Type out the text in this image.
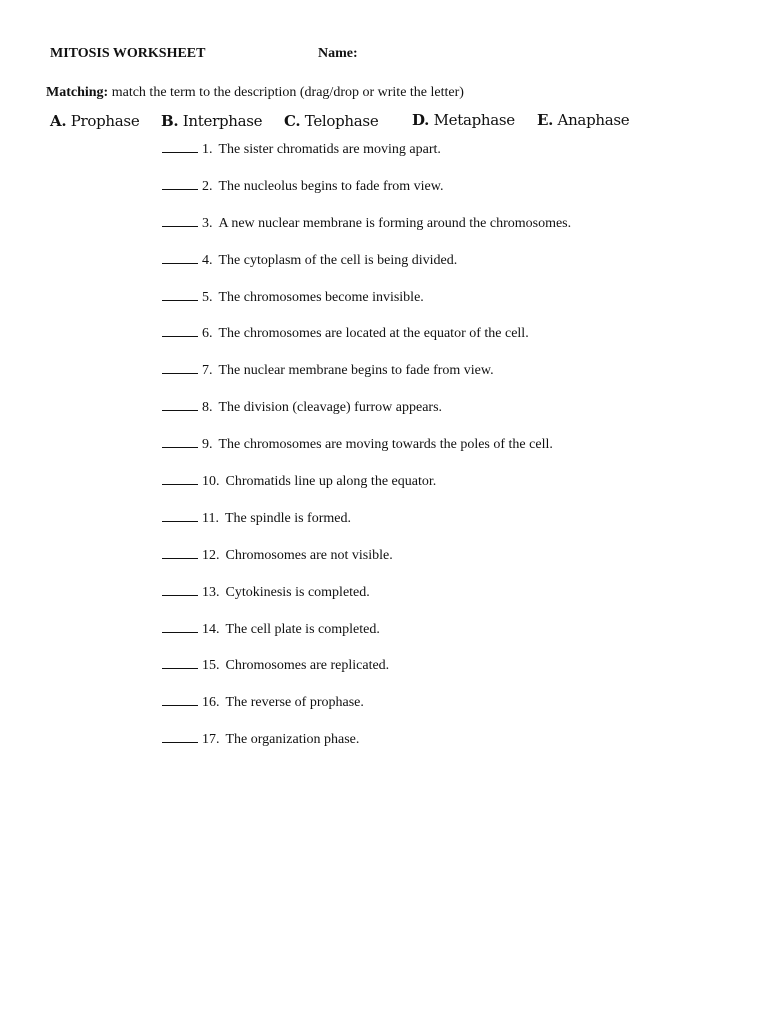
MITOSIS WORKSHEET	Name:
Matching: match the term to the description (drag/drop or write the letter)
A. Prophase B. Interphase C. Telophase D. Metaphase E. Anaphase
1. The sister chromatids are moving apart.
2. The nucleolus begins to fade from view.
3. A new nuclear membrane is forming around the chromosomes.
4. The cytoplasm of the cell is being divided.
5. The chromosomes become invisible.
6. The chromosomes are located at the equator of the cell.
7. The nuclear membrane begins to fade from view.
8. The division (cleavage) furrow appears.
9. The chromosomes are moving towards the poles of the cell.
10. Chromatids line up along the equator.
11. The spindle is formed.
12. Chromosomes are not visible.
13. Cytokinesis is completed.
14. The cell plate is completed.
15. Chromosomes are replicated.
16. The reverse of prophase.
17. The organization phase.
